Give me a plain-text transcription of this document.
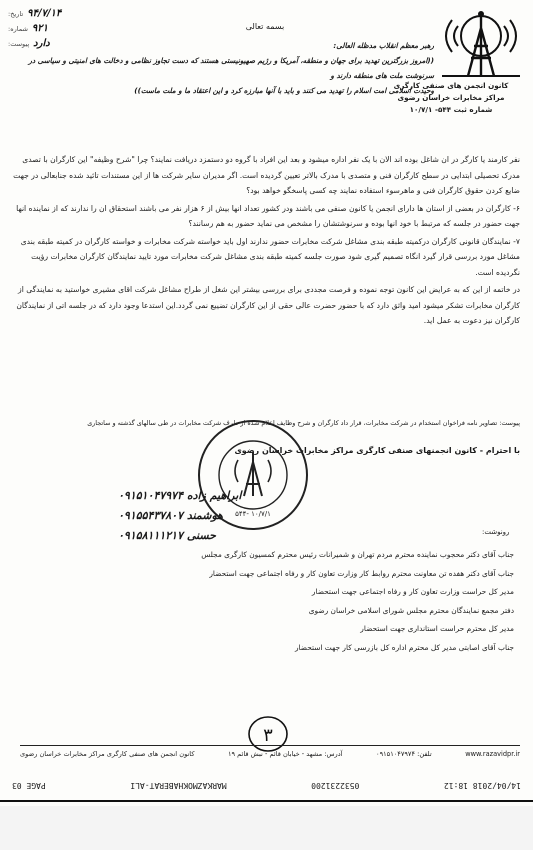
کانون انجمن های صنفی کارگری
مراکز مخابرات خراسان رضوی
شماره ثبت ۵۴۴- ۱۰/۷/۱
بسمه تعالی
تاریخ: ۹۴/۷/۱۴
شماره: ۹۲۱
پیوست: دارد	رهبر معظم انقلاب مدظله العالی:
((امروز بزرگترین تهدید برای جهان و منطقه، آمریکا و رژیم صهیونیستی هستند که دست تجاوز نظامی و دخالت های امنیتی و سیاسی در سرنوشت ملت های منطقه دارند و
وحیدت اسلامی امت اسلام را تهدید می کنند و باید با آنها مبارزه کرد و این اعتقاد ما و ملت ماست))

نفر کارمند یا کارگر در ان شاغل بوده اند الان با یک نفر اداره میشود و بعد این افراد با گروه دو دستمزد دریافت نمایند؟ چرا "شرح وظیفه" این کارگران با تصدی مدرک تحصیلی ابتدایی در سطح کارگران فنی و متصدی با مدرک بالاتر تعیین گردیده است. اگر مدیران سایر شرکت ها از این مستندات تائید شده جنابعالی در جهت ضایع کردن حقوق کارگران فنی و ماهرسوء استفاده نمایند چه کسی پاسخگو خواهد بود؟

۶- کارگران در بعضی از استان ها دارای انجمن یا کانون صنفی می باشند ودر کشور تعداد انها بیش از ۶ هزار نفر می باشند استحقاق ان را ندارند که از نماینده انها جهت حضور در جلسه که مرتبط با خود انها بوده و سرنوشتشان را مشخص می نماید حضور به هم رسانند؟

۷- نمایندگان قانونی کارگران درکمیته طبقه بندی مشاغل شرکت مخابرات حضور ندارند اول باید خواسته شرکت مخابرات و خواسته کارگران در کمیته طبقه بندی مشاغل مورد بررسی قرار گیرد انگاه تصمیم گیری شود صورت جلسه کمیته طبقه بندی مشاغل شرکت مخابرات مورد تایید نمایندگان کارگران مخابرات رؤیت نگردیده است.

در خاتمه از این که به عرایض این کانون توجه نموده و فرصت مجددی برای بررسی بیشتر این شغل از طراح مشاغل شرکت اقای مشیری خواستید به نمایندگی از کارگران مخابرات تشکر میشود امید واثق دارد که با حضور حضرت عالی حقی از این کارگران تضییع نمی گردد.این استدعا وجود دارد که در جلسه اتی از نمایندگان کارگران نیز دعوت به عمل اید.

پیوست: تصاویر نامه فراخوان استخدام در شرکت مخابرات، قرار داد کارگران و شرح وظایف اعلام شده از طرف شرکت مخابرات در طی سالهای گذشته و ساتجاری
با احترام - کانون انجمنهای صنفی کارگری مراکز مخابرات خراسان رضوی
۵۴۴- ۱۰/۷/۱
۰۹۱۵۱۰۴۷۹۷۴ ابراهیم زاده
۰۹۱۵۵۴۳۷۸۰۷ هوشمند
۰۹۱۵۸۱۱۱۲۱۷ حسنی	رونوشت:
جناب آقای دکتر محجوب نماینده محترم مردم تهران و شمیرانات رئیس محترم کمسیون کارگری مجلس
جناب آقای دکتر هفده تن معاونت محترم روابط کار وزارت تعاون کار و رفاه اجتماعی جهت استحضار
مدیر کل حراست وزارت تعاون کار و رفاه اجتماعی جهت استحضار
دفتر مجمع نمایندگان محترم مجلس شورای اسلامی خراسان رضوی
مدیر کل محترم حراست استانداری جهت استحضار
جناب آقای اصابتی مدیر کل محترم اداره کل بازرسی کار جهت استحضار
۳
کانون انجمن های صنفی کارگری مراکز مخابرات خراسان رضوی	آدرس: مشهد - خیابان قائم - نبش قائم ۱۹	تلفن: ۰۹۱۵۱۰۴۷۹۷۴	www.razavidpr.ir
14/04/2018 18:12
0532231200
MARKAZMOKHABERAT-ALI
PAGE 03
